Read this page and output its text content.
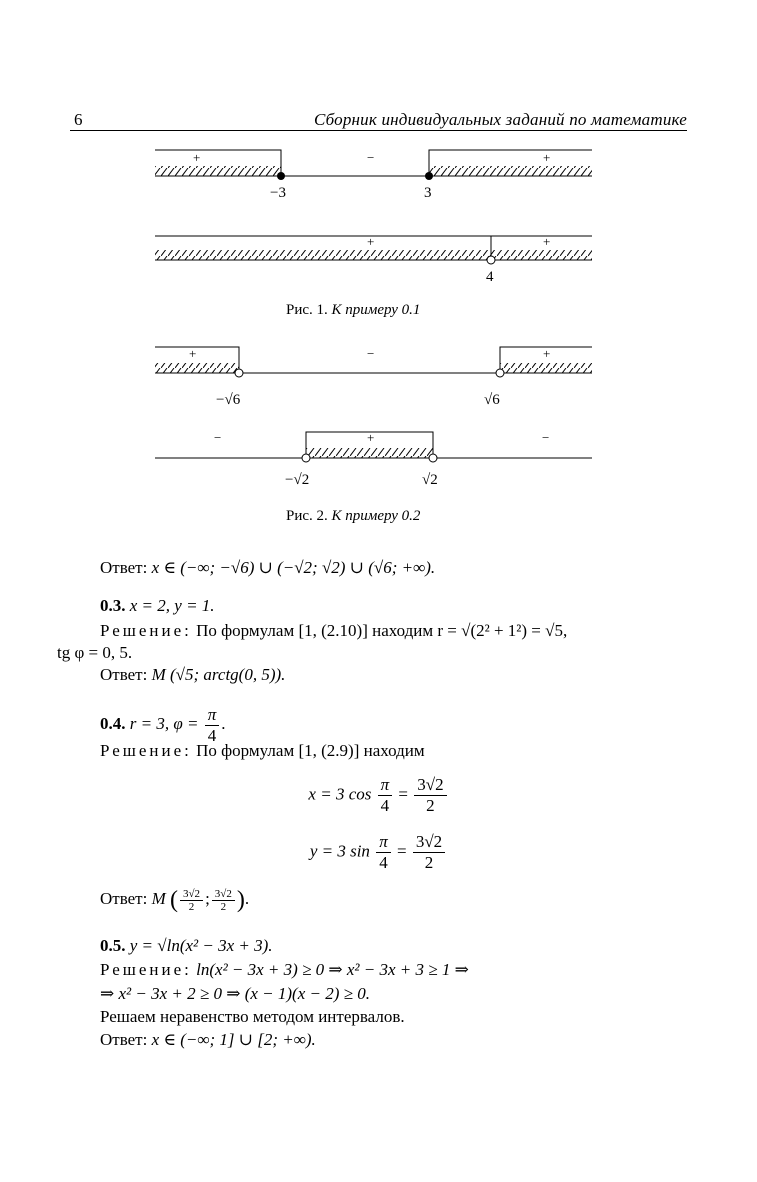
6	Сборник индивидуальных заданий по математике
+	−	+
−3	3
+	+
4
+	−	+
−√6	√6
−	+	−
−√2	√2
Рис. 1. К примеру 0.1
Рис. 2. К примеру 0.2
Ответ: x ∈ (−∞; −√6) ∪ (−√2; √2) ∪ (√6; +∞).
0.3. x = 2, y = 1.
Решение: По формулам [1, (2.10)] находим r = √(2² + 1²) = √5,
tg φ = 0, 5.
Ответ: M (√5; arctg(0, 5)).
0.4. r = 3, $\varphi = \frac{\pi}{4}$ .
Решение: По формулам [1, (2.9)] находим
x = 3 $\cos \frac{\pi}{4} = \frac{3√2}{2}$
y = 3 $\sin \frac{\pi}{4} = \frac{3√2}{2}$
Ответ: M ( $\frac{3√2}{2}$ ; $\frac{3√2}{2}$ ).
0.5. y = √ln(x² − 3x + 3).
Решение: ln(x² − 3x + 3) ≥ 0 ⇒ x² − 3x + 3 ≥ 1 ⇒
⇒ x² − 3x + 2 ≥ 0 ⇒ (x − 1)(x − 2) ≥ 0.
Решаем неравенство методом интервалов.
Ответ: x ∈ (−∞; 1] ∪ [2; +∞).
